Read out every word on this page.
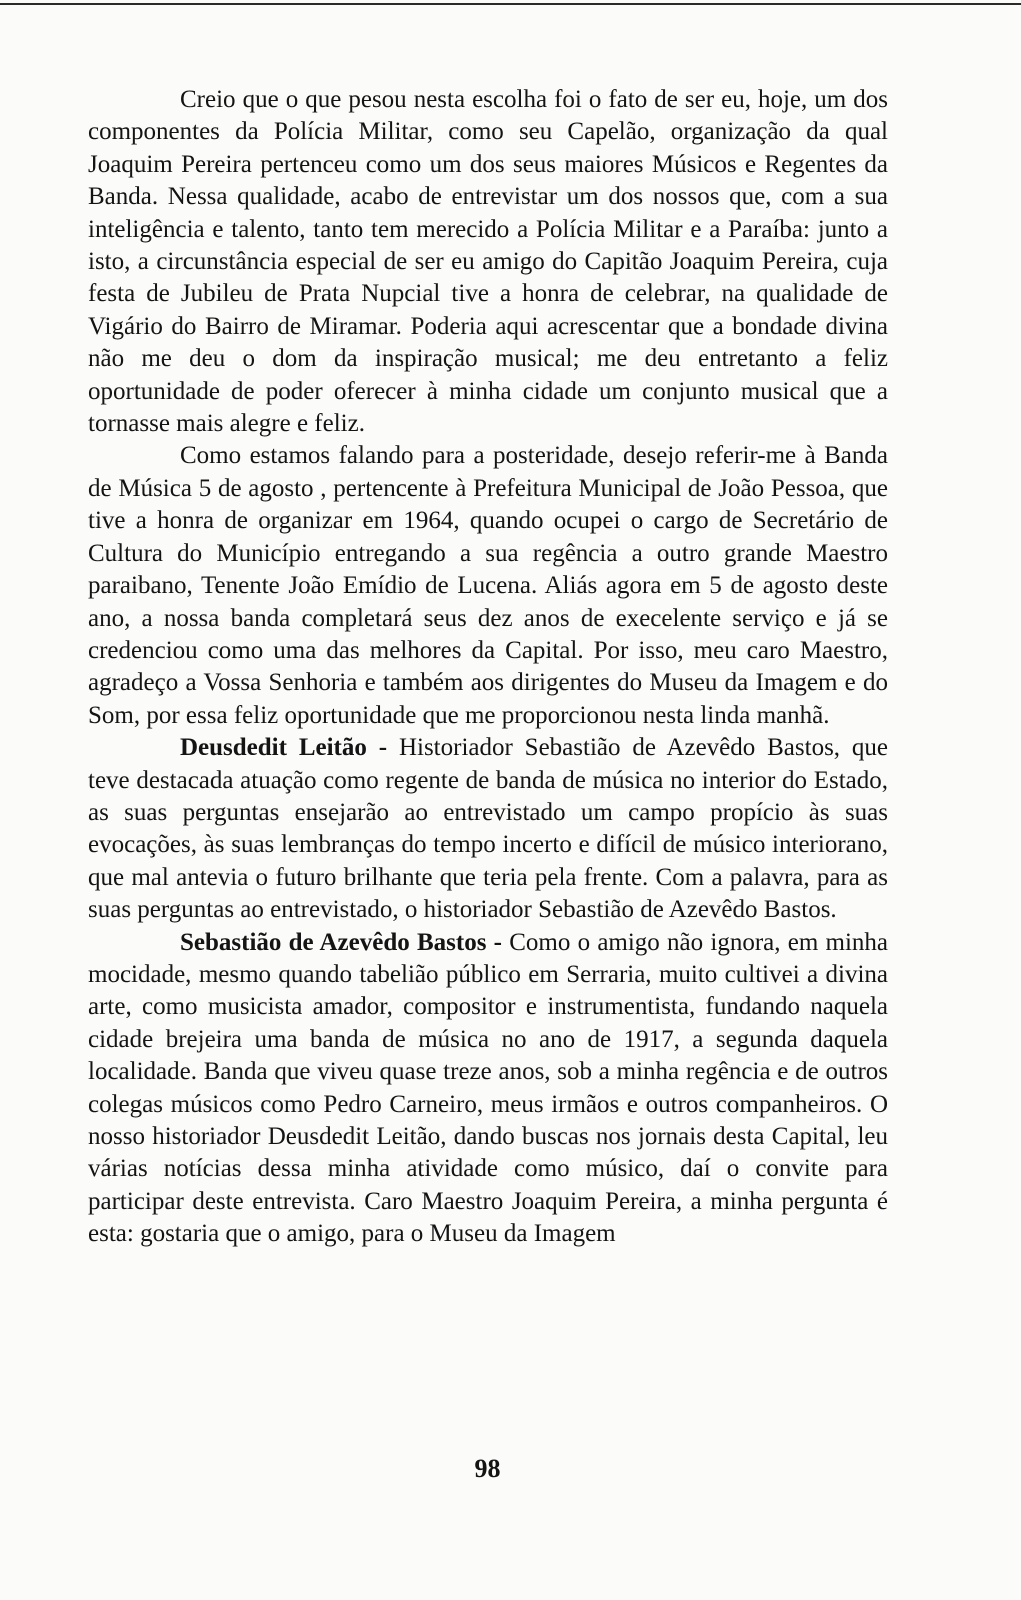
Creio que o que pesou nesta escolha foi o fato de ser eu, hoje, um dos componentes da Polícia Militar, como seu Capelão, organização da qual Joaquim Pereira pertenceu como um dos seus maiores Músicos e Regentes da Banda. Nessa qualidade, acabo de entrevistar um dos nossos que, com a sua inteligência e talento, tanto tem merecido a Polícia Militar e a Paraíba: junto a isto, a circunstância especial de ser eu amigo do Capitão Joaquim Pereira, cuja festa de Jubileu de Prata Nupcial tive a honra de celebrar, na qualidade de Vigário do Bairro de Miramar. Poderia aqui acrescentar que a bondade divina não me deu o dom da inspiração musical; me deu entretanto a feliz oportunidade de poder oferecer à minha cidade um conjunto musical que a tornasse mais alegre e feliz.

Como estamos falando para a posteridade, desejo referir-me à Banda de Música 5 de agosto , pertencente à Prefeitura Municipal de João Pessoa, que tive a honra de organizar em 1964, quando ocupei o cargo de Secretário de Cultura do Município entregando a sua regência a outro grande Maestro paraibano, Tenente João Emídio de Lucena. Aliás agora em 5 de agosto deste ano, a nossa banda completará seus dez anos de execelente serviço e já se credenciou como uma das melhores da Capital. Por isso, meu caro Maestro, agradeço a Vossa Senhoria e também aos dirigentes do Museu da Imagem e do Som, por essa feliz oportunidade que me proporcionou nesta linda manhã.

Deusdedit Leitão - Historiador Sebastião de Azevêdo Bastos, que teve destacada atuação como regente de banda de música no interior do Estado, as suas perguntas ensejarão ao entrevistado um campo propício às suas evocações, às suas lembranças do tempo incerto e difícil de músico interiorano, que mal antevia o futuro brilhante que teria pela frente. Com a palavra, para as suas perguntas ao entrevistado, o historiador Sebastião de Azevêdo Bastos.

Sebastião de Azevêdo Bastos - Como o amigo não ignora, em minha mocidade, mesmo quando tabelião público em Serraria, muito cultivei a divina arte, como musicista amador, compositor e instrumentista, fundando naquela cidade brejeira uma banda de música no ano de 1917, a segunda daquela localidade. Banda que viveu quase treze anos, sob a minha regência e de outros colegas músicos como Pedro Carneiro, meus irmãos e outros companheiros. O nosso historiador Deusdedit Leitão, dando buscas nos jornais desta Capital, leu várias notícias dessa minha atividade como músico, daí o convite para participar deste entrevista. Caro Maestro Joaquim Pereira, a minha pergunta é esta: gostaria que o amigo, para o Museu da Imagem

98
